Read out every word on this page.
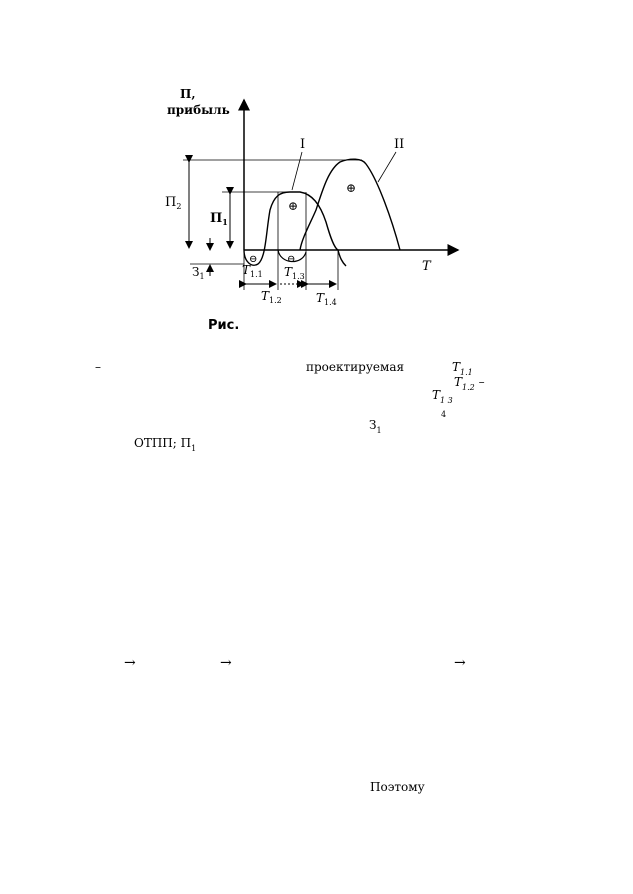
П,
прибыль
T
I	II
⊖	⊖
⊕
⊕
$П_2$
$П_1$
$З_1$	$T_{1.1}$ $T_{1.3}$
$T_{1.2}$	$T_{1.4}$
Рис.
–	проектируемая	$T_{1.1}$
$T_{1.2}$ –
$T_{1 3}$
4
$З_1$
ОТПП; $П_1$
→	→	→
Поэтому
